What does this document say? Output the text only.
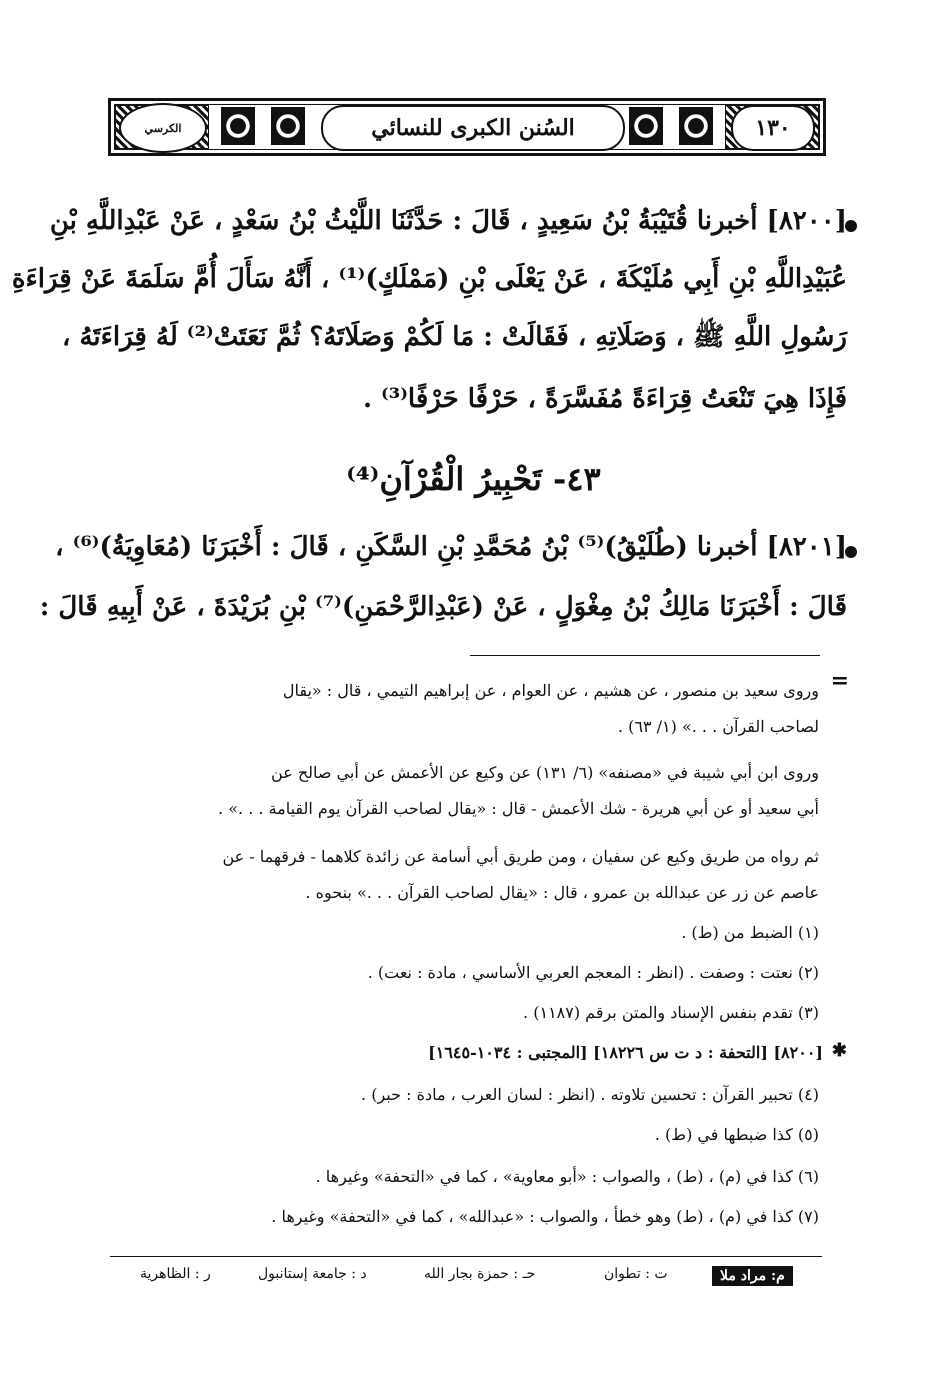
الكرسي	السُنن الكبرى للنسائي	١٣٠
[٨٢٠٠] أخبرنا قُتَيْبَةُ بْنُ سَعِيدٍ ، قَالَ : حَدَّثَنَا اللَّيْثُ بْنُ سَعْدٍ ، عَنْ عَبْدِاللَّهِ بْنِ
عُبَيْدِاللَّهِ بْنِ أَبِي مُلَيْكَةَ ، عَنْ يَعْلَى بْنِ (مَمْلَكٍ)⁽¹⁾ ، أَنَّهُ سَأَلَ أُمَّ سَلَمَةَ عَنْ قِرَاءَةِ
رَسُولِ اللَّهِ ﷺ ، وَصَلَاتِهِ ، فَقَالَتْ : مَا لَكُمْ وَصَلَاتَهُ؟ ثُمَّ نَعَتَتْ⁽²⁾ لَهُ قِرَاءَتَهُ ،
فَإِذَا هِيَ تَنْعَتُ قِرَاءَةً مُفَسَّرَةً ، حَرْفًا حَرْفًا⁽³⁾ .
٤٣- تَحْبِيرُ الْقُرْآنِ⁽⁴⁾
[٨٢٠١] أخبرنا (طُلَيْقُ)⁽⁵⁾ بْنُ مُحَمَّدِ بْنِ السَّكَنِ ، قَالَ : أَخْبَرَنَا (مُعَاوِيَةُ)⁽⁶⁾ ،
قَالَ : أَخْبَرَنَا مَالِكُ بْنُ مِغْوَلٍ ، عَنْ (عَبْدِالرَّحْمَنِ)⁽⁷⁾ بْنِ بُرَيْدَةَ ، عَنْ أَبِيهِ قَالَ :
=
وروى سعيد بن منصور ، عن هشيم ، عن العوام ، عن إبراهيم التيمي ، قال : «يقال
لصاحب القرآن . . .» (١/ ٦٣) .
وروى ابن أبي شيبة في «مصنفه» (٦/ ١٣١) عن وكيع عن الأعمش عن أبي صالح عن
أبي سعيد أو عن أبي هريرة - شك الأعمش - قال : «يقال لصاحب القرآن يوم القيامة . . .» .
ثم رواه من طريق وكيع عن سفيان ، ومن طريق أبي أسامة عن زائدة كلاهما - فرقهما - عن
عاصم عن زر عن عبدالله بن عمرو ، قال : «يقال لصاحب القرآن . . .» بنحوه .
(١) الضبط من (ط) .
(٢) نعتت : وصفت . (انظر : المعجم العربي الأساسي ، مادة : نعت) .
(٣) تقدم بنفس الإسناد والمتن برقم (١١٨٧) .
✱
[٨٢٠٠] [التحفة : د ت س ١٨٢٢٦] [المجتبى : ١٠٣٤-١٦٤٥]
(٤) تحبير القرآن : تحسين تلاوته . (انظر : لسان العرب ، مادة : حبر) .
(٥) كذا ضبطها في (ط) .
(٦) كذا في (م) ، (ط) ، والصواب : «أبو معاوية» ، كما في «التحفة» وغيرها .
(٧) كذا في (م) ، (ط) وهو خطأ ، والصواب : «عبدالله» ، كما في «التحفة» وغيرها .
م: مراد ملا
ت : تطوان
حـ : حمزة بجار الله
د : جامعة إستانبول
ر : الظاهرية
